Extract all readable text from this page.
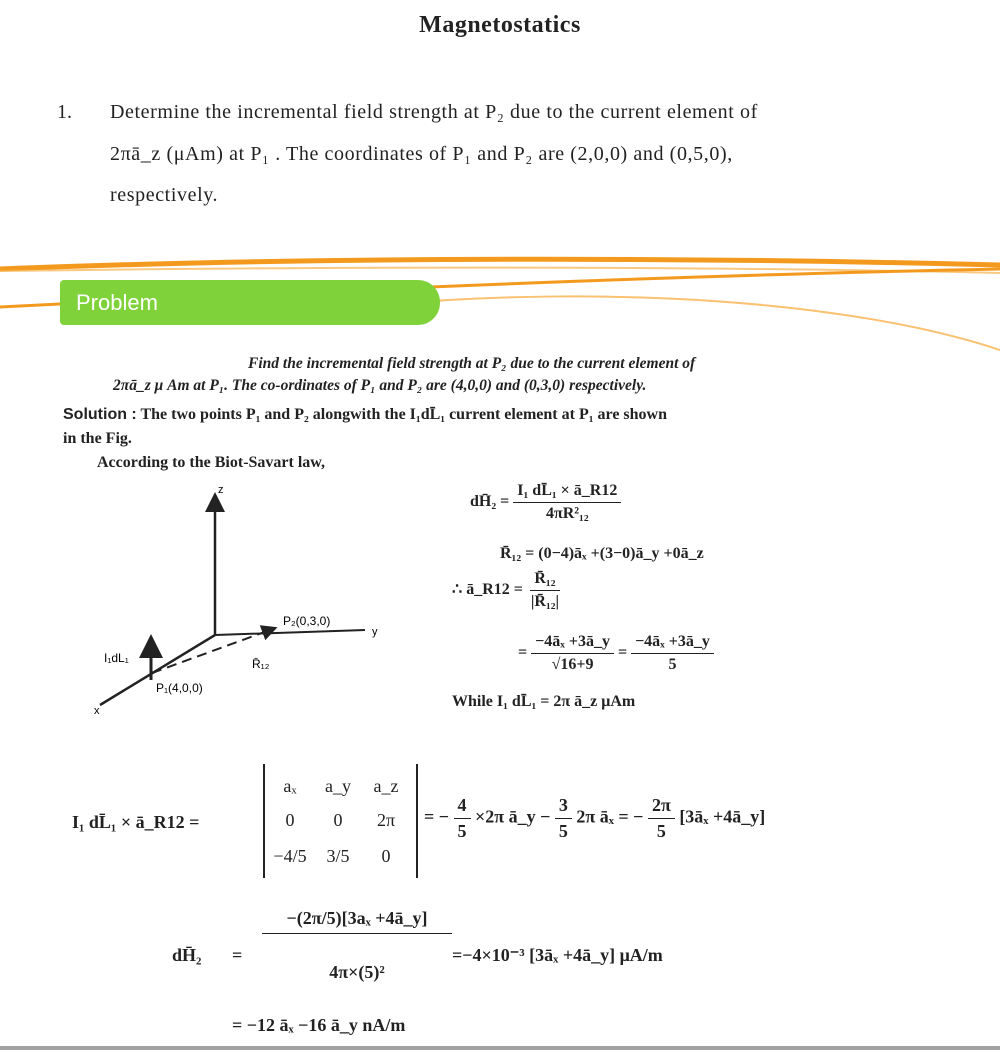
Magnetostatics
1. Determine the incremental field strength at P₂ due to the current element of
2πā_z (μAm) at P₁ . The coordinates of P₁ and P₂ are (2,0,0) and (0,5,0),
respectively.
Problem
Find the incremental field strength at P₂ due to the current element of
2πā_z μ Am at P₁. The co-ordinates of P₁ and P₂ are (4,0,0) and (0,3,0) respectively.
Solution : The two points P₁ and P₂ alongwith the I₁dL̄₁ current element at P₁ are shown
in the Fig.
According to the Biot-Savart law,
z
y
x
P₂(0,3,0)
P₁(4,0,0)
R̄₁₂
I₁dL₁
dH̄₂ = $\frac{\text{I₁ dL̄₁ × ā\_R12}}{\text{4πR²₁₂}}$
R̄₁₂ = (0−4)āₓ +(3−0)ā_y +0ā_z
∴ ā_R12 = $\frac{\text{R̄₁₂}}{\text{|R̄₁₂|}}$
= $\frac{\text{−4āₓ +3ā\_y}}{√16+9} = \frac{\text{−4āₓ +3ā\_y}}{5}$
While I₁ dL̄₁ = 2π ā_z μAm
I₁ dL̄₁ × ā_R12 =
aₓ	a_y	a_z
0	0	2π
−4/5	3/5	0
= − $\frac{4}{5} \times 2\pi$ ā_y − $\frac{3}{5} 2\pi$ āₓ = − $\frac{2\pi}{5}$ [3āₓ +4ā_y]
dH̄₂ =
−(2π/5)[3aₓ +4ā_y]
4π×(5)²
=−4×10⁻³ [3āₓ +4ā_y] μA/m
= −12 āₓ −16 ā_y nA/m
